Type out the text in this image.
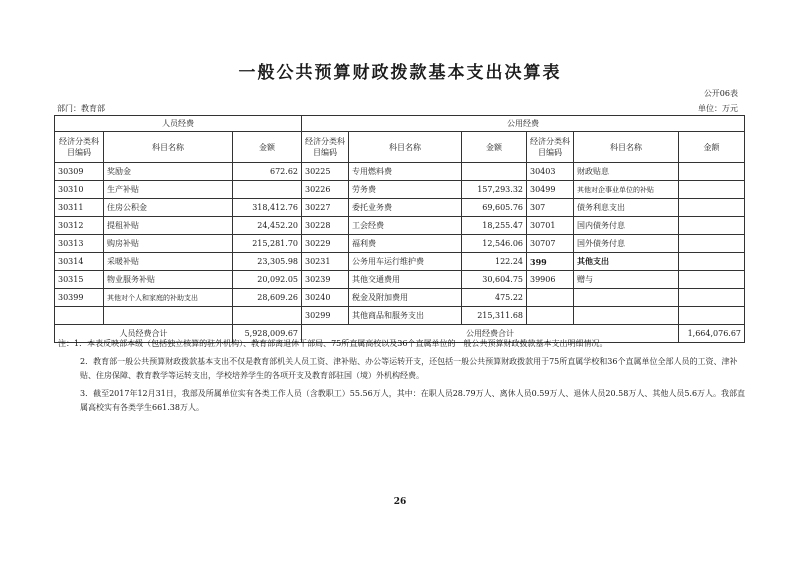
一般公共预算财政拨款基本支出决算表
公开06表
部门：教育部	单位：万元
人员经费			公用经费					
经济分类科目编码	科目名称	金额	经济分类科目编码	科目名称	金额	经济分类科目编码	科目名称	金额
30309	奖励金	672.62	30225	专用燃料费		30403	财政贴息	
30310	生产补贴		30226	劳务费	157,293.32	30499	其他对企事业单位的补贴	
30311	住房公积金	318,412.76	30227	委托业务费	69,605.76	307	债务利息支出	
30312	提租补贴	24,452.20	30228	工会经费	18,255.47	30701	国内债务付息	
30313	购房补贴	215,281.70	30229	福利费	12,546.06	30707	国外债务付息	
30314	采暖补贴	23,305.98	30231	公务用车运行维护费	122.24	399	其他支出	
30315	物业服务补贴	20,092.05	30239	其他交通费用	30,604.75	39906	赠与	
30399	其他对个人和家庭的补助支出	28,609.26	30240	税金及附加费用	475.22			
			30299	其他商品和服务支出	215,311.68			
人员经费合计		5,928,009.67	公用经费合计					1,664,076.67
注：1．本表反映部本级（包括独立核算的驻外机构）、教育部离退休干部局、75所直属高校以及36个直属单位的一般公共预算财政拨款基本支出明细情况。
2．教育部一般公共预算财政拨款基本支出不仅是教育部机关人员工资、津补贴、办公等运转开支，还包括一般公共预算财政拨款用于75所直属学校和36个直属单位全部人员的工资、津补贴、住房保障、教育教学等运转支出，学校培养学生的各项开支及教育部驻国（境）外机构经费。
3．截至2017年12月31日，我部及所属单位实有各类工作人员（含教职工）55.56万人，其中：在职人员28.79万人、离休人员0.59万人、退休人员20.58万人、其他人员5.6万人。我部直属高校实有各类学生661.38万人。
26
